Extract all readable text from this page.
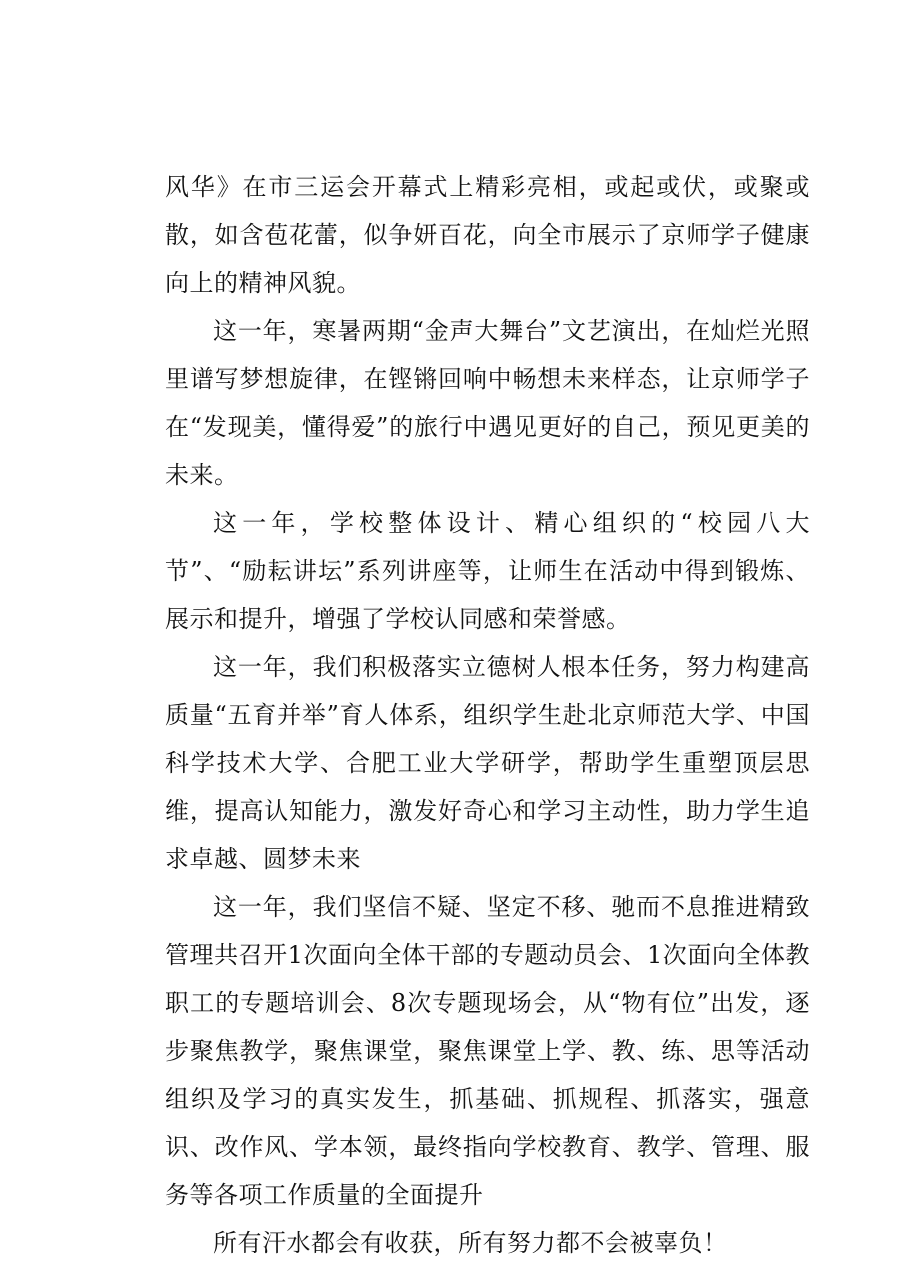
风华》在市三运会开幕式上精彩亮相，或起或伏，或聚或散，如含苞花蕾，似争妍百花，向全市展示了京师学子健康向上的精神风貌。

这一年，寒暑两期“金声大舞台”文艺演出，在灿烂光照里谱写梦想旋律，在铿锵回响中畅想未来样态，让京师学子在“发现美，懂得爱”的旅行中遇见更好的自己，预见更美的未来。

这一年，学校整体设计、精心组织的“校园八大节”、“励耘讲坛”系列讲座等，让师生在活动中得到锻炼、展示和提升，增强了学校认同感和荣誉感。

这一年，我们积极落实立德树人根本任务，努力构建高质量“五育并举”育人体系，组织学生赴北京师范大学、中国科学技术大学、合肥工业大学研学，帮助学生重塑顶层思维，提高认知能力，激发好奇心和学习主动性，助力学生追求卓越、圆梦未来

这一年，我们坚信不疑、坚定不移、驰而不息推进精致管理共召开1次面向全体干部的专题动员会、1次面向全体教职工的专题培训会、8次专题现场会，从“物有位”出发，逐步聚焦教学，聚焦课堂，聚焦课堂上学、教、练、思等活动组织及学习的真实发生，抓基础、抓规程、抓落实，强意识、改作风、学本领，最终指向学校教育、教学、管理、服务等各项工作质量的全面提升

所有汗水都会有收获，所有努力都不会被辜负！
